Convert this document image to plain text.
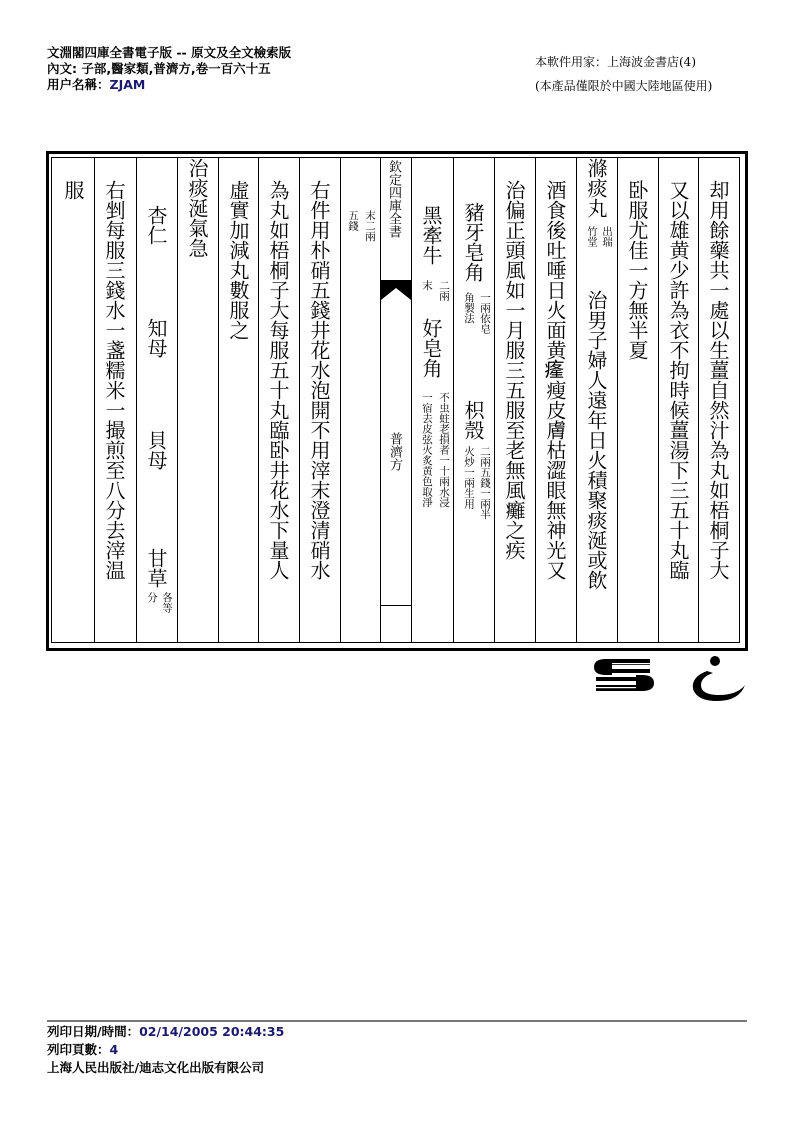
文淵閣四庫全書電子版 -- 原文及全文檢索版
內文: 子部,醫家類,普濟方,卷一百六十五
用户名稱：ZJAM
本軟件用家：上海波金書店(4)
(本產品僅限於中國大陸地區使用)
欽定四庫全書
普濟方	却用餘藥共一處以生薑自然汁為丸如梧桐子大
又以雄黄少許為衣不拘時候薑湯下三五十丸臨
卧服尤佳一方無半夏
滌痰丸
出瑞
竹堂
治男子婦人遠年日火積聚痰涎或飲
酒食後吐唾日火面黄𤸇瘦皮膚枯澀眼無神光又
治偏正頭風如一月服三五服至老無風癱之疾
豬牙皂角
一兩依皂
角製法
枳殼
二兩五錢一兩半
火炒一兩生用
黑牽牛
二兩
末
好皂角
不虫蛀老損者一十兩水浸
一宿去皮弦火炙黄色取淨
末二兩
五錢
右件用朴硝五錢井花水泡開不用滓末澄清硝水
為丸如梧桐子大每服五十丸臨卧井花水下量人
虛實加減丸數服之
治痰涎氣急
杏仁
知母
貝母
甘草
各等
分
右剉每服三錢水一盞糯米一撮煎至八分去滓温
服
列印日期/時間：02/14/2005 20:44:35
列印頁數：4
上海人民出版社/迪志文化出版有限公司
